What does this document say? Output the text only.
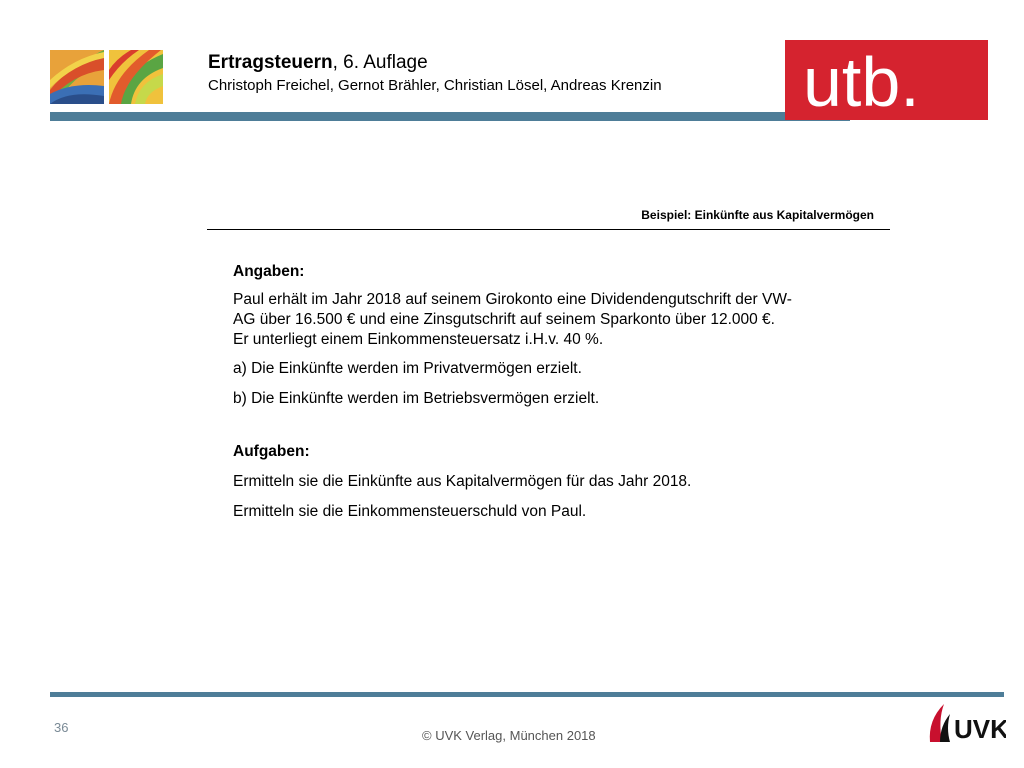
Ertragsteuern, 6. Auflage
Christoph Freichel, Gernot Brähler, Christian Lösel, Andreas Krenzin utb.
Beispiel: Einkünfte aus Kapitalvermögen

Angaben:

Paul erhält im Jahr 2018 auf seinem Girokonto eine Dividendengutschrift der VW-

AG über 16.500 € und eine Zinsgutschrift auf seinem Sparkonto über 12.000 €.

Er unterliegt einem Einkommensteuersatz i.H.v. 40 %.

a) Die Einkünfte werden im Privatvermögen erzielt.

b) Die Einkünfte werden im Betriebsvermögen erzielt.

Aufgaben:

Ermitteln sie die Einkünfte aus Kapitalvermögen für das Jahr 2018.

Ermitteln sie die Einkommensteuerschuld von Paul.

36
© UVK Verlag, München 2018	UVK
